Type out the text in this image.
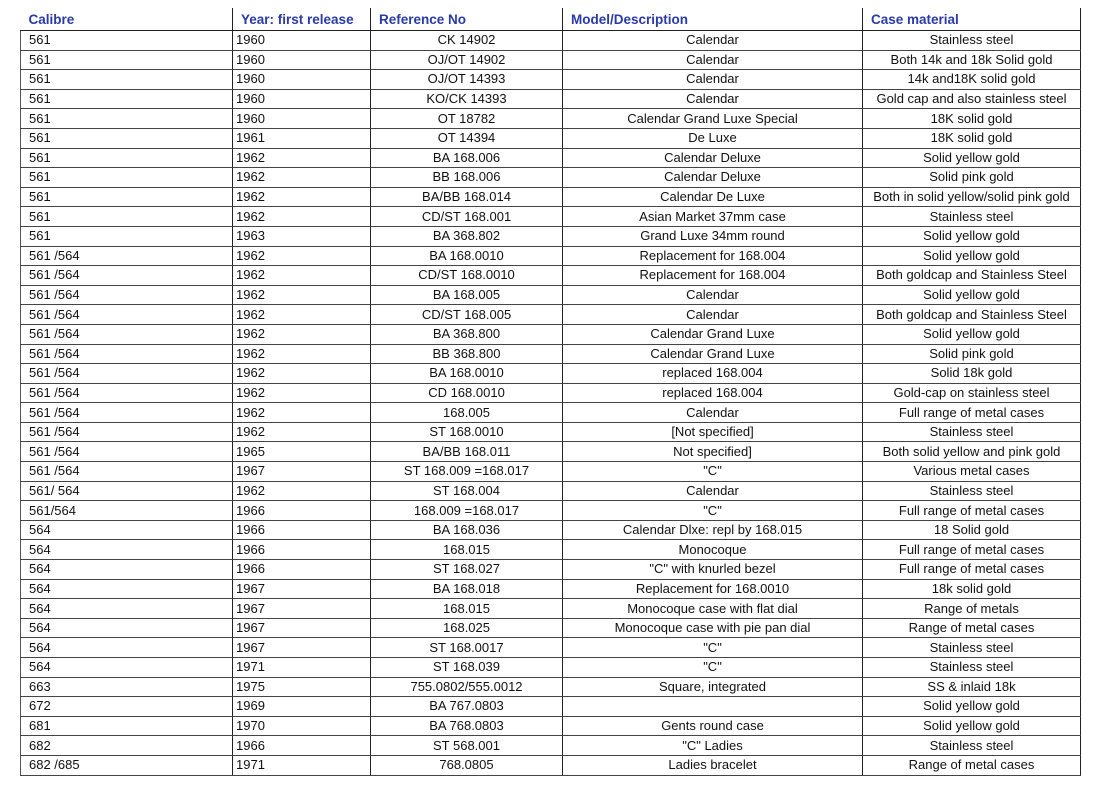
Calibre	Year: first release	Reference No	Model/Description	Case material
561	1960	CK 14902	Calendar	Stainless steel
561	1960	OJ/OT 14902	Calendar	Both 14k and 18k Solid gold
561	1960	OJ/OT 14393	Calendar	14k and18K solid gold
561	1960	KO/CK 14393	Calendar	Gold cap and also stainless steel
561	1960	OT 18782	Calendar Grand Luxe Special	18K solid gold
561	1961	OT 14394	De Luxe	18K solid gold
561	1962	BA 168.006	Calendar Deluxe	Solid yellow gold
561	1962	BB 168.006	Calendar Deluxe	Solid pink gold
561	1962	BA/BB 168.014	Calendar De Luxe	Both in solid yellow/solid pink gold
561	1962	CD/ST 168.001	Asian Market 37mm case	Stainless steel
561	1963	BA 368.802	Grand Luxe 34mm round	Solid yellow gold
561 /564	1962	BA 168.0010	Replacement for 168.004	Solid yellow gold
561 /564	1962	CD/ST 168.0010	Replacement for 168.004	Both goldcap and Stainless Steel
561 /564	1962	BA 168.005	Calendar	Solid yellow gold
561 /564	1962	CD/ST 168.005	Calendar	Both goldcap and Stainless Steel
561 /564	1962	BA 368.800	Calendar Grand Luxe	Solid yellow gold
561 /564	1962	BB 368.800	Calendar Grand Luxe	Solid pink gold
561 /564	1962	BA 168.0010	replaced 168.004	Solid 18k gold
561 /564	1962	CD 168.0010	replaced 168.004	Gold-cap on stainless steel
561 /564	1962	168.005	Calendar	Full range of metal cases
561 /564	1962	ST 168.0010	[Not specified]	Stainless steel
561 /564	1965	BA/BB 168.011	Not specified]	Both solid yellow and pink gold
561 /564	1967	ST 168.009 =168.017	"C"	Various metal cases
561/ 564	1962	ST 168.004	Calendar	Stainless steel
561/564	1966	168.009 =168.017	"C"	Full range of metal cases
564	1966	BA 168.036	Calendar Dlxe: repl by 168.015	18 Solid gold
564	1966	168.015	Monocoque	Full range of metal cases
564	1966	ST 168.027	"C" with knurled bezel	Full range of metal cases
564	1967	BA 168.018	Replacement for 168.0010	18k solid gold
564	1967	168.015	Monocoque case with flat dial	Range of metals
564	1967	168.025	Monocoque case with pie pan dial	Range of metal cases
564	1967	ST 168.0017	"C"	Stainless steel
564	1971	ST 168.039	"C"	Stainless steel
663	1975	755.0802/555.0012	Square, integrated	SS & inlaid 18k
672	1969	BA 767.0803		Solid yellow gold
681	1970	BA 768.0803	Gents round case	Solid yellow gold
682	1966	ST 568.001	"C" Ladies	Stainless steel
682 /685	1971	768.0805	Ladies bracelet	Range of metal cases
